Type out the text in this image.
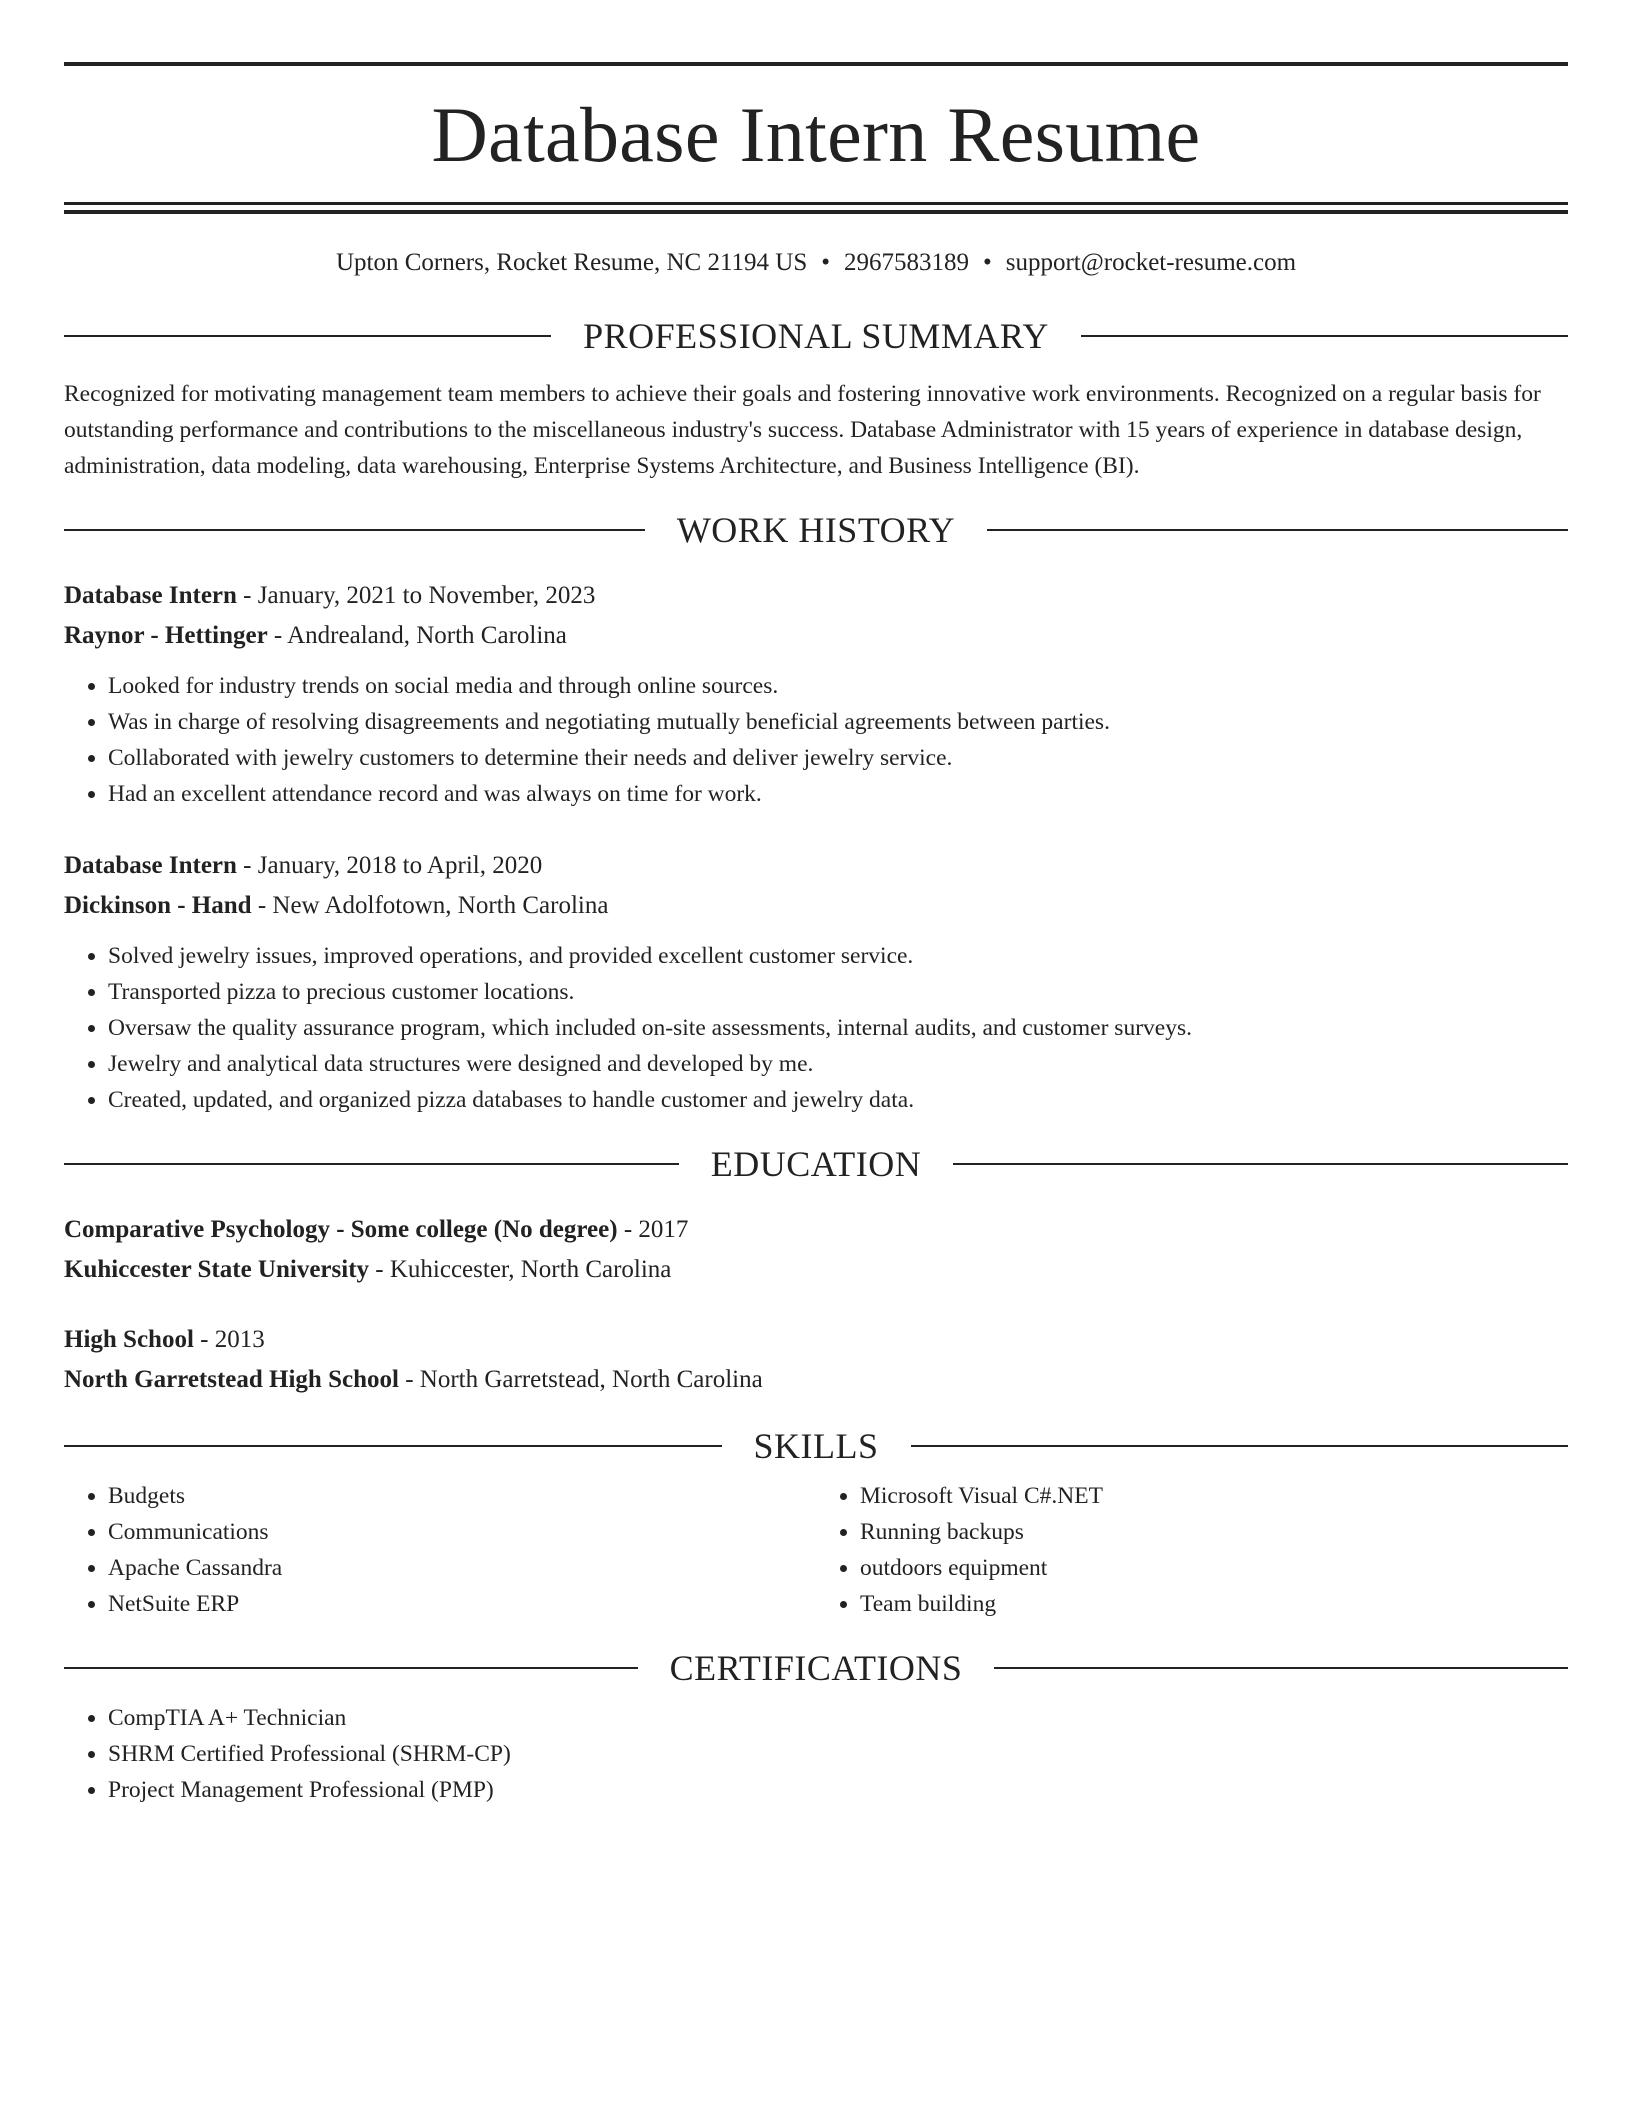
Database Intern Resume
Upton Corners, Rocket Resume, NC 21194 US • 2967583189 • support@rocket-resume.com
PROFESSIONAL SUMMARY

Recognized for motivating management team members to achieve their goals and fostering innovative work environments. Recognized on a regular basis for outstanding performance and contributions to the miscellaneous industry's success. Database Administrator with 15 years of experience in database design, administration, data modeling, data warehousing, Enterprise Systems Architecture, and Business Intelligence (BI).

WORK HISTORY
Database Intern - January, 2021 to November, 2023
Raynor - Hettinger - Andrealand, North Carolina
• Looked for industry trends on social media and through online sources.
• Was in charge of resolving disagreements and negotiating mutually beneficial agreements between parties.
• Collaborated with jewelry customers to determine their needs and deliver jewelry service.
• Had an excellent attendance record and was always on time for work.
Database Intern - January, 2018 to April, 2020
Dickinson - Hand - New Adolfotown, North Carolina
• Solved jewelry issues, improved operations, and provided excellent customer service.
• Transported pizza to precious customer locations.
• Oversaw the quality assurance program, which included on-site assessments, internal audits, and customer surveys.
• Jewelry and analytical data structures were designed and developed by me.
• Created, updated, and organized pizza databases to handle customer and jewelry data.
EDUCATION
Comparative Psychology - Some college (No degree) - 2017
Kuhiccester State University - Kuhiccester, North Carolina
High School - 2013
North Garretstead High School - North Garretstead, North Carolina
SKILLS
• Budgets
• Communications
• Apache Cassandra
• NetSuite ERP
• Microsoft Visual C#.NET
• Running backups
• outdoors equipment
• Team building
CERTIFICATIONS
• CompTIA A+ Technician
• SHRM Certified Professional (SHRM-CP)
• Project Management Professional (PMP)
